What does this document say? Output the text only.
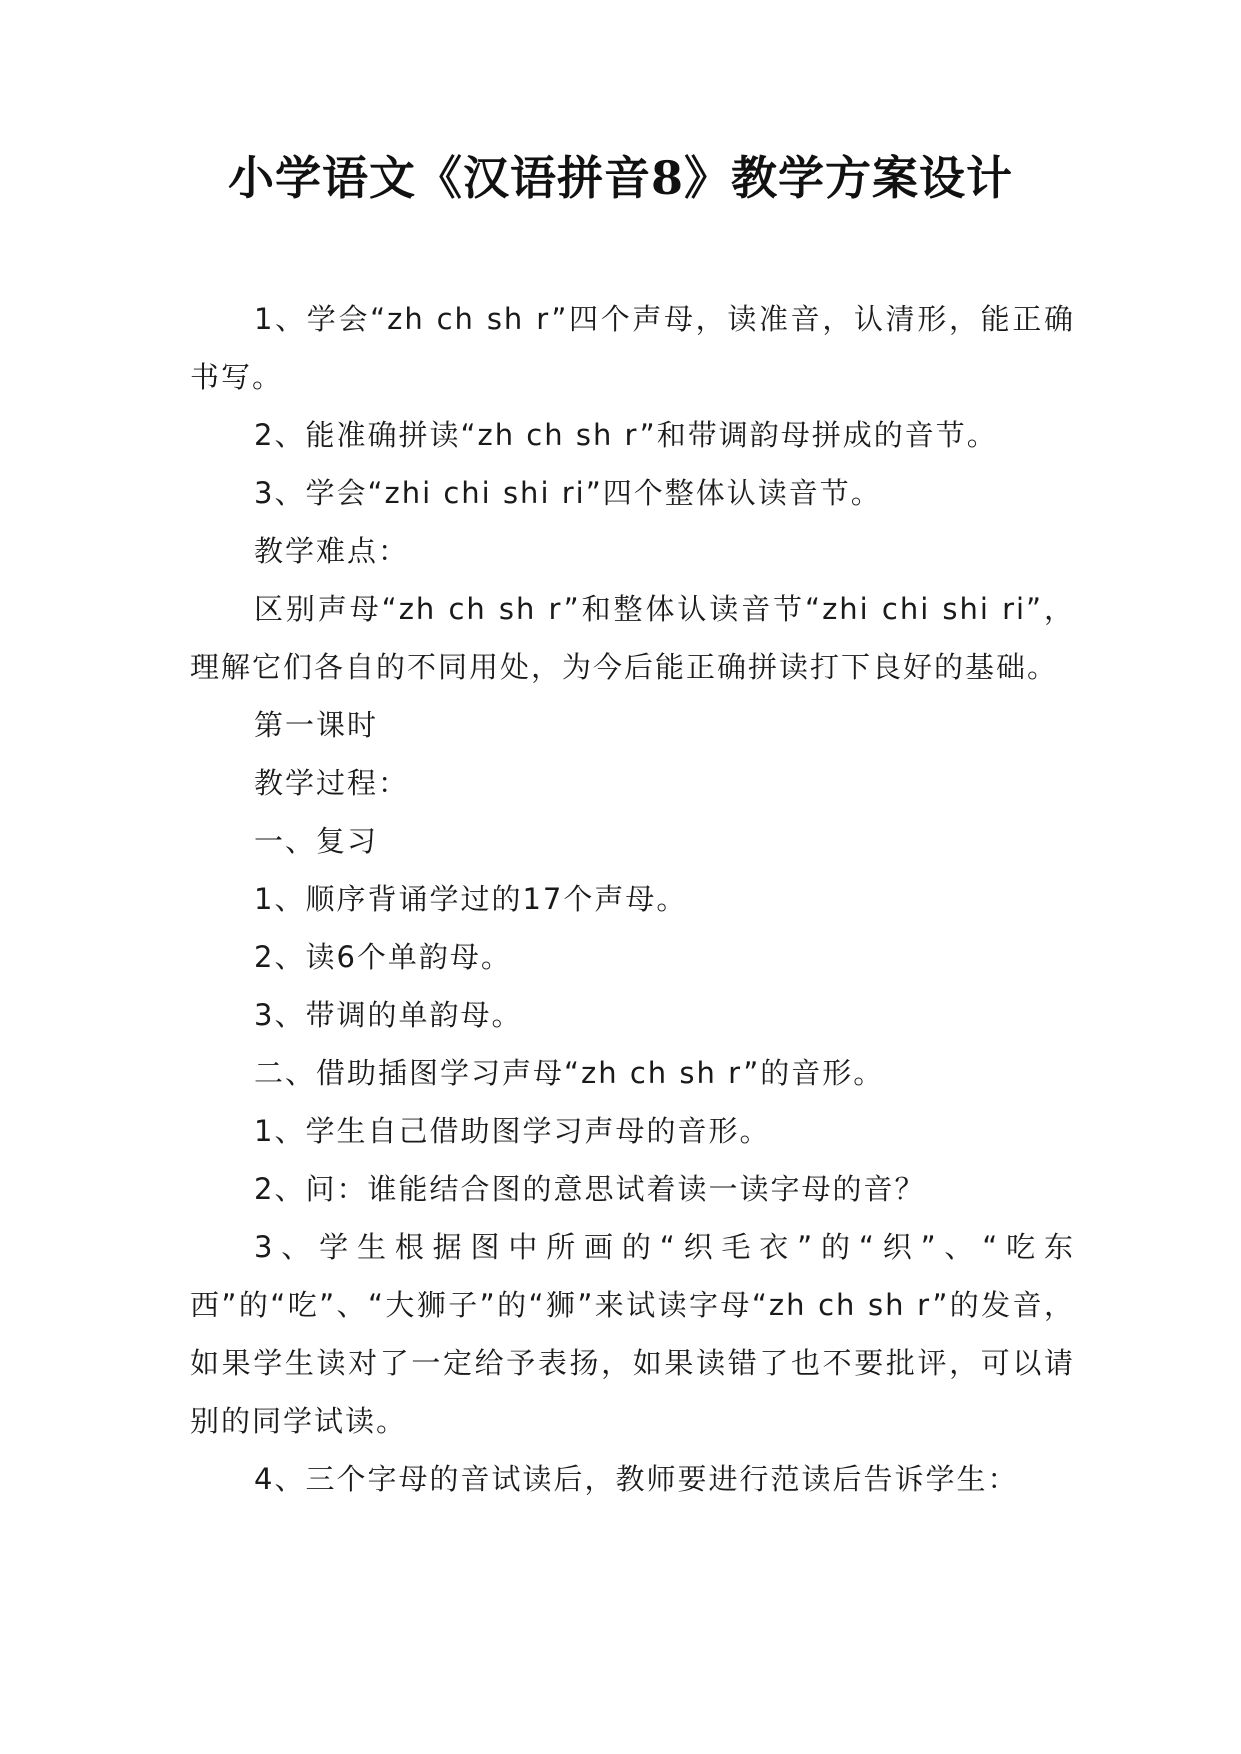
小学语文《汉语拼音8》教学方案设计

1、学会“zh ch sh r”四个声母，读准音，认清形，能正确书写。

2、能准确拼读“zh ch sh r”和带调韵母拼成的音节。

3、学会“zhi chi shi ri”四个整体认读音节。

教学难点：

区别声母“zh ch sh r”和整体认读音节“zhi chi shi ri”，理解它们各自的不同用处，为今后能正确拼读打下良好的基础。

第一课时

教学过程：

一、复习

1、顺序背诵学过的17个声母。

2、读6个单韵母。

3、带调的单韵母。

二、借助插图学习声母“zh ch sh r”的音形。

1、学生自己借助图学习声母的音形。

2、问：谁能结合图的意思试着读一读字母的音？

3、学生根据图中所画的“织毛衣”的“织”、“吃东西”的“吃”、“大狮子”的“狮”来试读字母“zh ch sh r”的发音，如果学生读对了一定给予表扬，如果读错了也不要批评，可以请别的同学试读。

4、三个字母的音试读后，教师要进行范读后告诉学生：
